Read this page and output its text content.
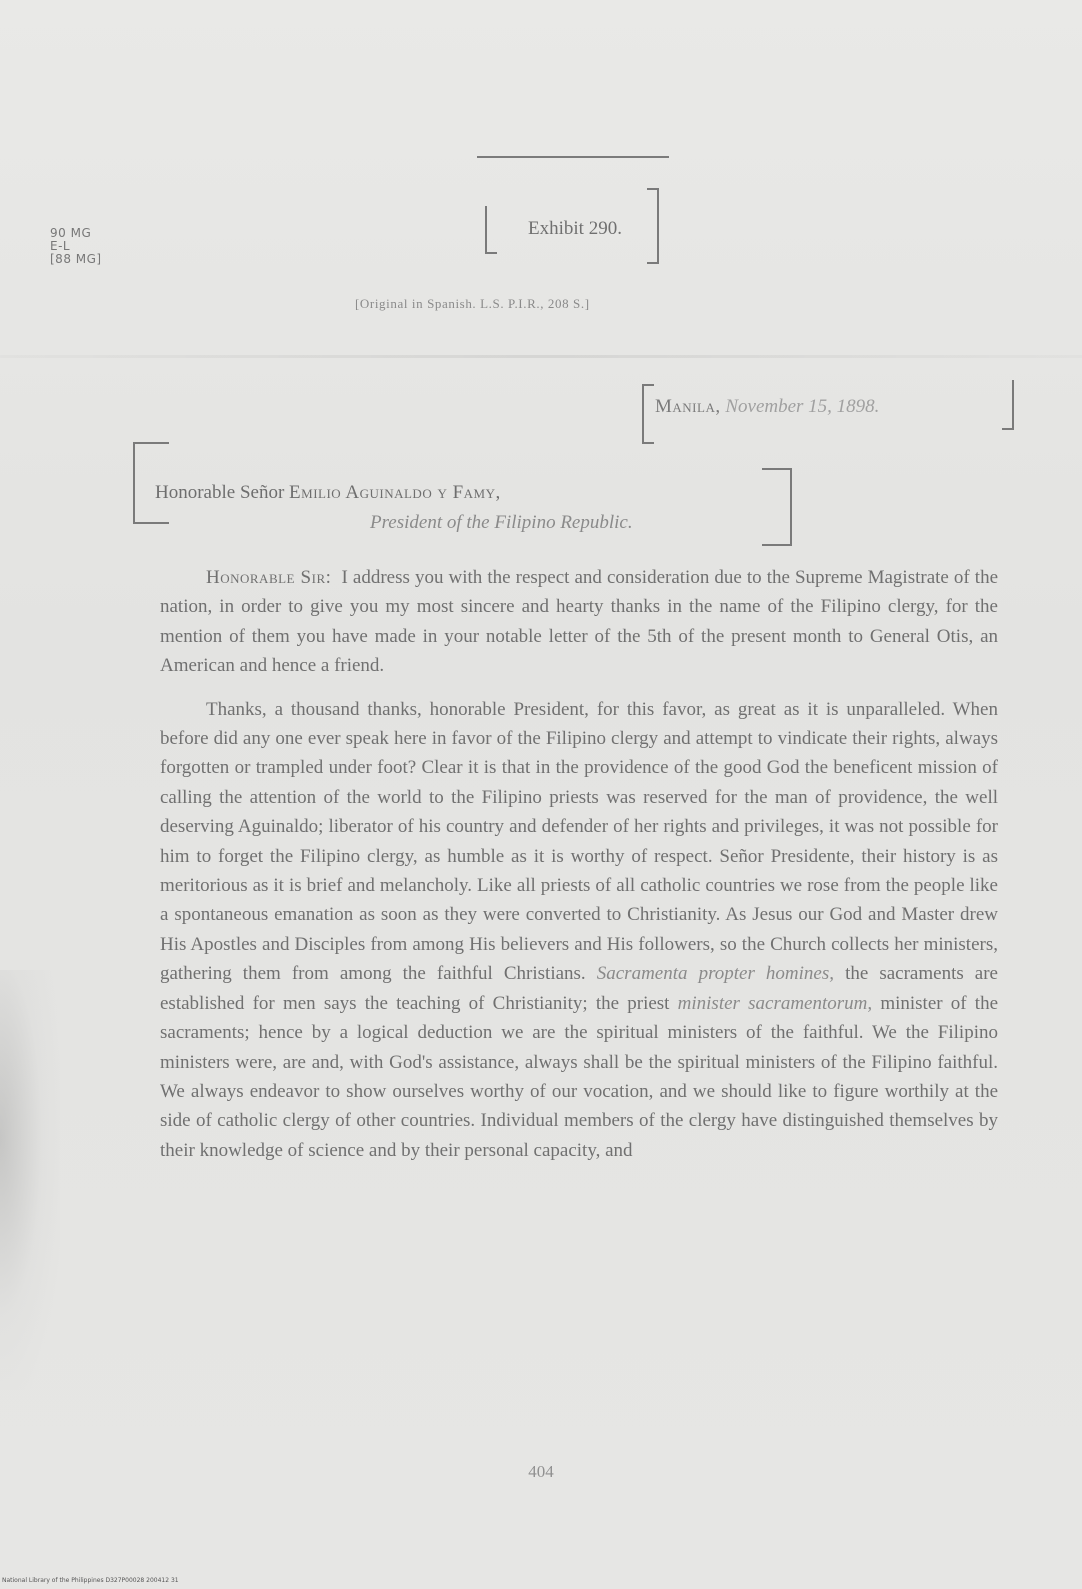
90 MG
E-L
[88 MG]
Exhibit 290.
[Original in Spanish. L.S. P.I.R., 208 S.]
Manila, November 15, 1898.
Honorable Señor Emilio Aguinaldo y Famy,
President of the Filipino Republic.

Honorable Sir: I address you with the respect and consideration due to the Supreme Magistrate of the nation, in order to give you my most sincere and hearty thanks in the name of the Filipino clergy, for the mention of them you have made in your notable letter of the 5th of the present month to General Otis, an American and hence a friend.

Thanks, a thousand thanks, honorable President, for this favor, as great as it is unparalleled. When before did any one ever speak here in favor of the Filipino clergy and attempt to vindicate their rights, always forgotten or trampled under foot? Clear it is that in the providence of the good God the beneficent mission of calling the attention of the world to the Filipino priests was reserved for the man of providence, the well deserving Aguinaldo; liberator of his country and defender of her rights and privileges, it was not possible for him to forget the Filipino clergy, as humble as it is worthy of respect. Señor Presidente, their history is as meritorious as it is brief and melancholy. Like all priests of all catholic countries we rose from the people like a spontaneous emanation as soon as they were converted to Christianity. As Jesus our God and Master drew His Apostles and Disciples from among His believers and His followers, so the Church collects her ministers, gathering them from among the faithful Christians. Sacramenta propter homines, the sacraments are established for men says the teaching of Christianity; the priest minister sacramentorum, minister of the sacraments; hence by a logical deduction we are the spiritual ministers of the faithful. We the Filipino ministers were, are and, with God's assistance, always shall be the spiritual ministers of the Filipino faithful. We always endeavor to show ourselves worthy of our vocation, and we should like to figure worthily at the side of catholic clergy of other countries. Individual members of the clergy have distinguished themselves by their knowledge of science and by their personal capacity, and

404
National Library of the Philippines D327P00028 200412 31
